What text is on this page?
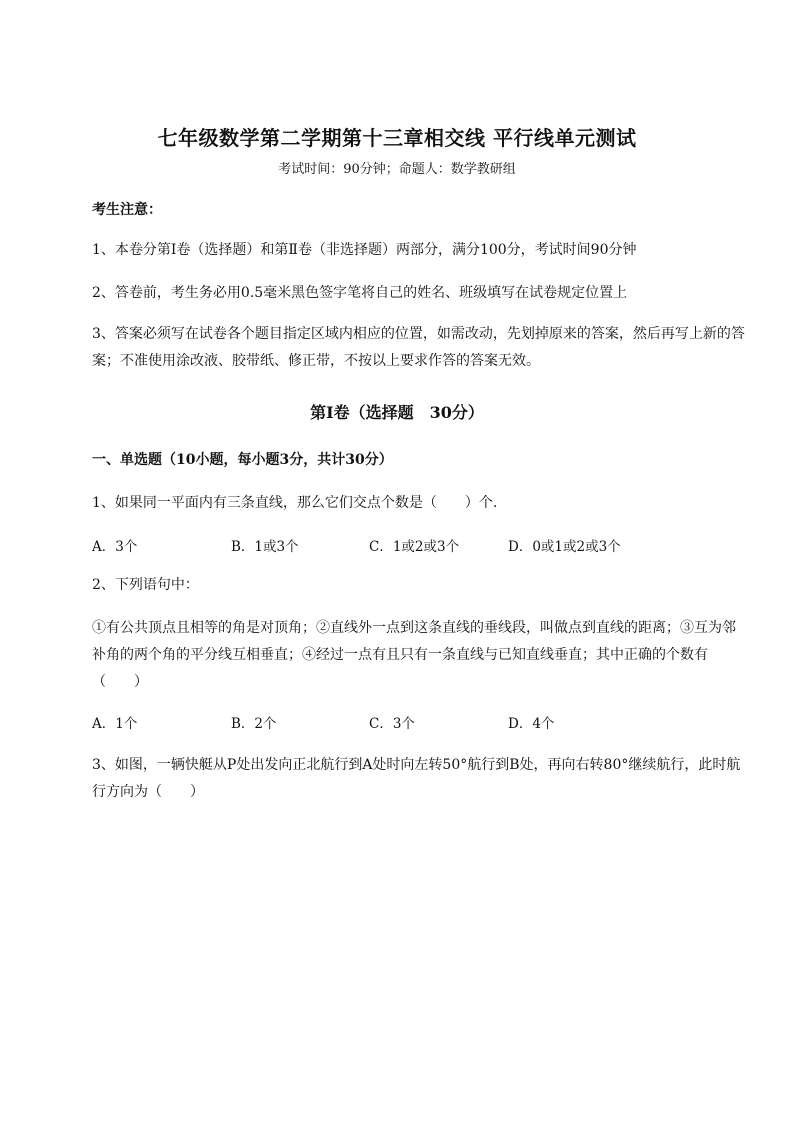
七年级数学第二学期第十三章相交线 平行线单元测试
考试时间：90分钟；命题人：数学教研组
考生注意：
1、本卷分第I卷（选择题）和第Ⅱ卷（非选择题）两部分，满分100分，考试时间90分钟
2、答卷前，考生务必用0.5毫米黑色签字笔将自己的姓名、班级填写在试卷规定位置上
3、答案必须写在试卷各个题目指定区域内相应的位置，如需改动，先划掉原来的答案，然后再写上新的答案；不准使用涂改液、胶带纸、修正带，不按以上要求作答的答案无效。
第I卷（选择题　30分）
一、单选题（10小题，每小题3分，共计30分）
1、如果同一平面内有三条直线，那么它们交点个数是（　　）个.
A．3个	B．1或3个	C．1或2或3个	D．0或1或2或3个
2、下列语句中：
①有公共顶点且相等的角是对顶角；②直线外一点到这条直线的垂线段，叫做点到直线的距离；③互为邻补角的两个角的平分线互相垂直；④经过一点有且只有一条直线与已知直线垂直；其中正确的个数有（　　）
A．1个	B．2个	C．3个	D．4个
3、如图，一辆快艇从P处出发向正北航行到A处时向左转50°航行到B处，再向右转80°继续航行，此时航行方向为（　　）
